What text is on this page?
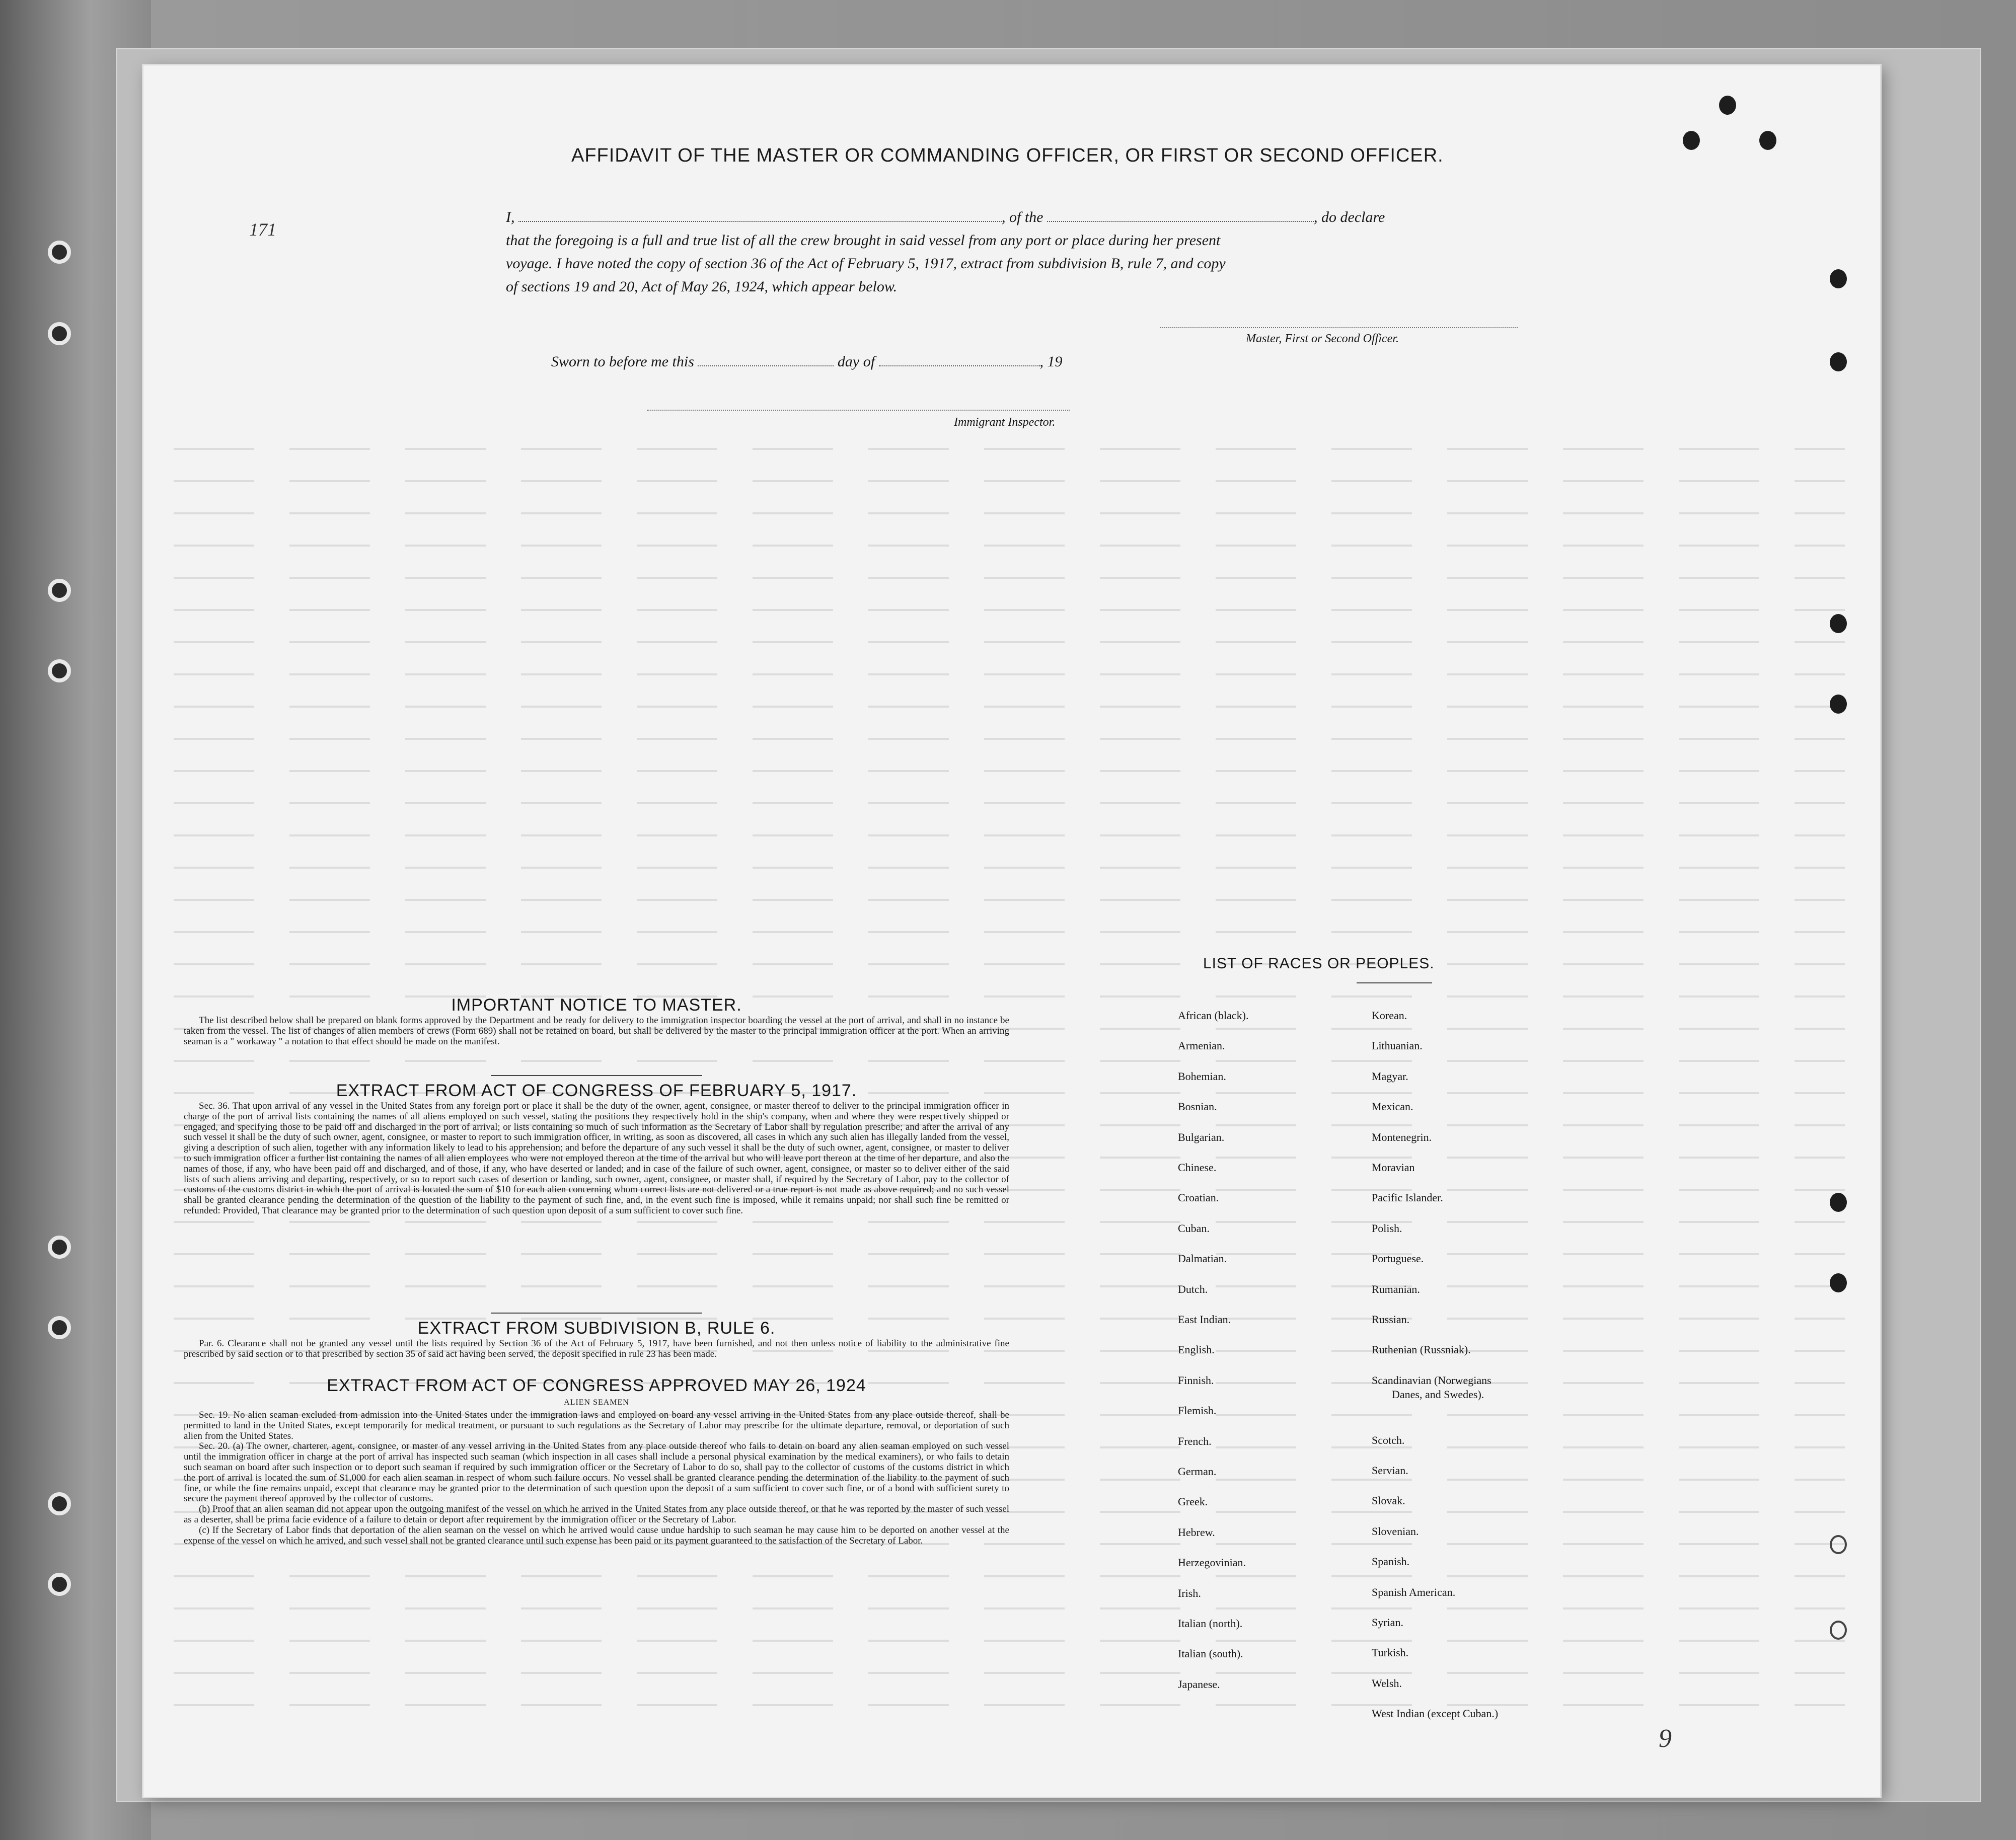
AFFIDAVIT OF THE MASTER OR COMMANDING OFFICER, OR FIRST OR SECOND OFFICER.
I,	, of the	, do declare
that the foregoing is a full and true list of all the crew brought in said vessel from any port or place during her present
voyage. I have noted the copy of section 36 of the Act of February 5, 1917, extract from subdivision B, rule 7, and copy
of sections 19 and 20, Act of May 26, 1924, which appear below.
Master, First or Second Officer.
Sworn to before me this	day of	, 19
Immigrant Inspector.
IMPORTANT NOTICE TO MASTER.

The list described below shall be prepared on blank forms approved by the Department and be ready for delivery to the immigration inspector boarding the vessel at the port of arrival, and shall in no instance be taken from the vessel. The list of changes of alien members of crews (Form 689) shall not be retained on board, but shall be delivered by the master to the principal immigration officer at the port. When an arriving seaman is a " workaway " a notation to that effect should be made on the manifest.

EXTRACT FROM ACT OF CONGRESS OF FEBRUARY 5, 1917.

Sec. 36. That upon arrival of any vessel in the United States from any foreign port or place it shall be the duty of the owner, agent, consignee, or master thereof to deliver to the principal immigration officer in charge of the port of arrival lists containing the names of all aliens employed on such vessel, stating the positions they respectively hold in the ship's company, when and where they were respectively shipped or engaged, and specifying those to be paid off and discharged in the port of arrival; or lists containing so much of such information as the Secretary of Labor shall by regulation prescribe; and after the arrival of any such vessel it shall be the duty of such owner, agent, consignee, or master to report to such immigration officer, in writing, as soon as discovered, all cases in which any such alien has illegally landed from the vessel, giving a description of such alien, together with any information likely to lead to his apprehension; and before the departure of any such vessel it shall be the duty of such owner, agent, consignee, or master to deliver to such immigration officer a further list containing the names of all alien employees who were not employed thereon at the time of the arrival but who will leave port thereon at the time of her departure, and also the names of those, if any, who have been paid off and discharged, and of those, if any, who have deserted or landed; and in case of the failure of such owner, agent, consignee, or master so to deliver either of the said lists of such aliens arriving and departing, respectively, or so to report such cases of desertion or landing, such owner, agent, consignee, or master shall, if required by the Secretary of Labor, pay to the collector of customs of the customs district in which the port of arrival is located the sum of $10 for each alien concerning whom correct lists are not delivered or a true report is not made as above required; and no such vessel shall be granted clearance pending the determination of the question of the liability to the payment of such fine, and, in the event such fine is imposed, while it remains unpaid; nor shall such fine be remitted or refunded: Provided, That clearance may be granted prior to the determination of such question upon deposit of a sum sufficient to cover such fine.

EXTRACT FROM SUBDIVISION B, RULE 6.

Par. 6. Clearance shall not be granted any vessel until the lists required by Section 36 of the Act of February 5, 1917, have been furnished, and not then unless notice of liability to the administrative fine prescribed by said section or to that prescribed by section 35 of said act having been served, the deposit specified in rule 23 has been made.

EXTRACT FROM ACT OF CONGRESS APPROVED MAY 26, 1924
ALIEN SEAMEN

Sec. 19. No alien seaman excluded from admission into the United States under the immigration laws and employed on board any vessel arriving in the United States from any place outside thereof, shall be permitted to land in the United States, except temporarily for medical treatment, or pursuant to such regulations as the Secretary of Labor may prescribe for the ultimate departure, removal, or deportation of such alien from the United States.

Sec. 20. (a) The owner, charterer, agent, consignee, or master of any vessel arriving in the United States from any place outside thereof who fails to detain on board any alien seaman employed on such vessel until the immigration officer in charge at the port of arrival has inspected such seaman (which inspection in all cases shall include a personal physical examination by the medical examiners), or who fails to detain such seaman on board after such inspection or to deport such seaman if required by such immigration officer or the Secretary of Labor to do so, shall pay to the collector of customs of the customs district in which the port of arrival is located the sum of $1,000 for each alien seaman in respect of whom such failure occurs. No vessel shall be granted clearance pending the determination of the liability to the payment of such fine, or while the fine remains unpaid, except that clearance may be granted prior to the determination of such question upon the deposit of a sum sufficient to cover such fine, or of a bond with sufficient surety to secure the payment thereof approved by the collector of customs.

(b) Proof that an alien seaman did not appear upon the outgoing manifest of the vessel on which he arrived in the United States from any place outside thereof, or that he was reported by the master of such vessel as a deserter, shall be prima facie evidence of a failure to detain or deport after requirement by the immigration officer or the Secretary of Labor.

(c) If the Secretary of Labor finds that deportation of the alien seaman on the vessel on which he arrived would cause undue hardship to such seaman he may cause him to be deported on another vessel at the expense of the vessel on which he arrived, and such vessel shall not be granted clearance until such expense has been paid or its payment guaranteed to the satisfaction of the Secretary of Labor.

LIST OF RACES OR PEOPLES.
171
9
African (black).
Armenian.
Bohemian.
Bosnian.
Bulgarian.
Chinese.
Croatian.
Cuban.
Dalmatian.
Dutch.
East Indian.
English.
Finnish.
Flemish.
French.
German.
Greek.
Hebrew.
Herzegovinian.
Irish.
Italian (north).
Italian (south).
Japanese.
Korean.
Lithuanian.
Magyar.
Mexican.
Montenegrin.
Moravian
Pacific Islander.
Polish.
Portuguese.
Rumanian.
Russian.
Ruthenian (Russniak).
Scandinavian (Norwegians
Danes, and Swedes).
Scotch.
Servian.
Slovak.
Slovenian.
Spanish.
Spanish American.
Syrian.
Turkish.
Welsh.
West Indian (except Cuban.)
